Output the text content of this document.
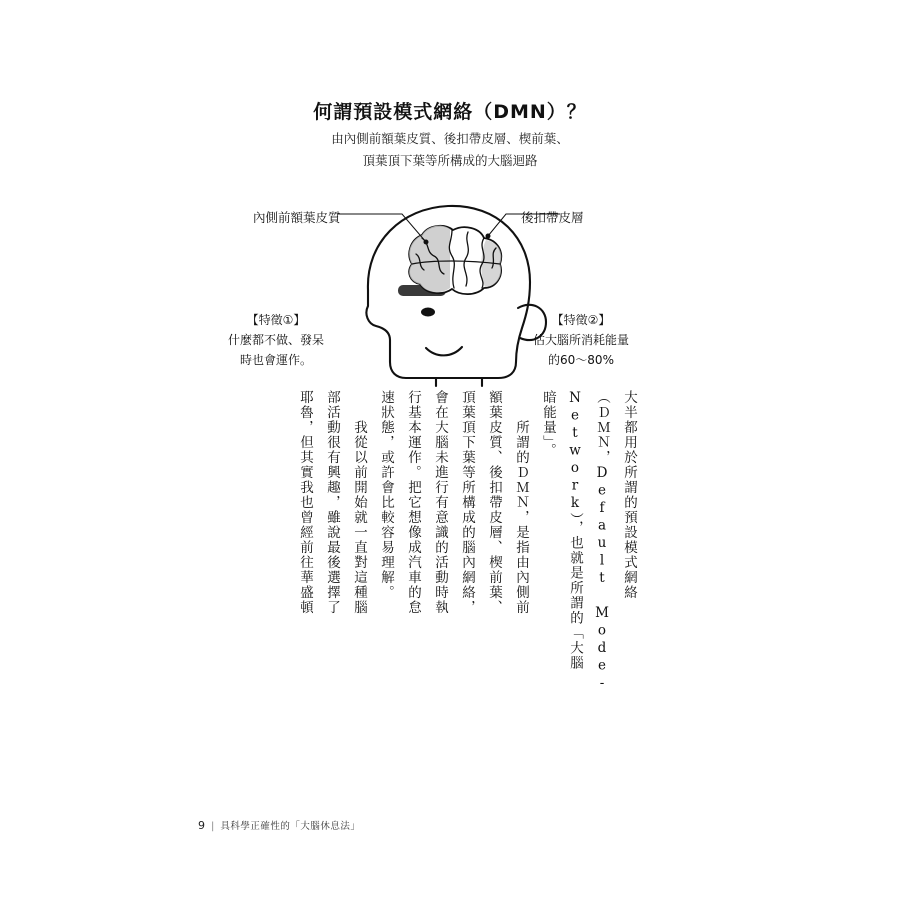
何謂預設模式網絡（DMN）？
由內側前額葉皮質、後扣帶皮層、楔前葉、
頂葉頂下葉等所構成的大腦迴路
內側前額葉皮質	後扣帶皮層
【特徵①】
什麼都不做、發呆
時也會運作。
【特徵②】
佔大腦所消耗能量
的60～80%
大半都用於所謂的預設模式網絡
（ＤＭＮ，Default Mode-
Network），也就是所謂的「大腦
暗能量」。
　　所謂的ＤＭＮ，是指由內側前
額葉皮質、後扣帶皮層、楔前葉、
頂葉頂下葉等所構成的腦內網絡，
會在大腦未進行有意識的活動時執
行基本運作。把它想像成汽車的怠
速狀態，或許會比較容易理解。
　　我從以前開始就一直對這種腦
部活動很有興趣，雖說最後選擇了
耶魯，但其實我也曾經前往華盛頓
9 | 具科學正確性的「大腦休息法」
